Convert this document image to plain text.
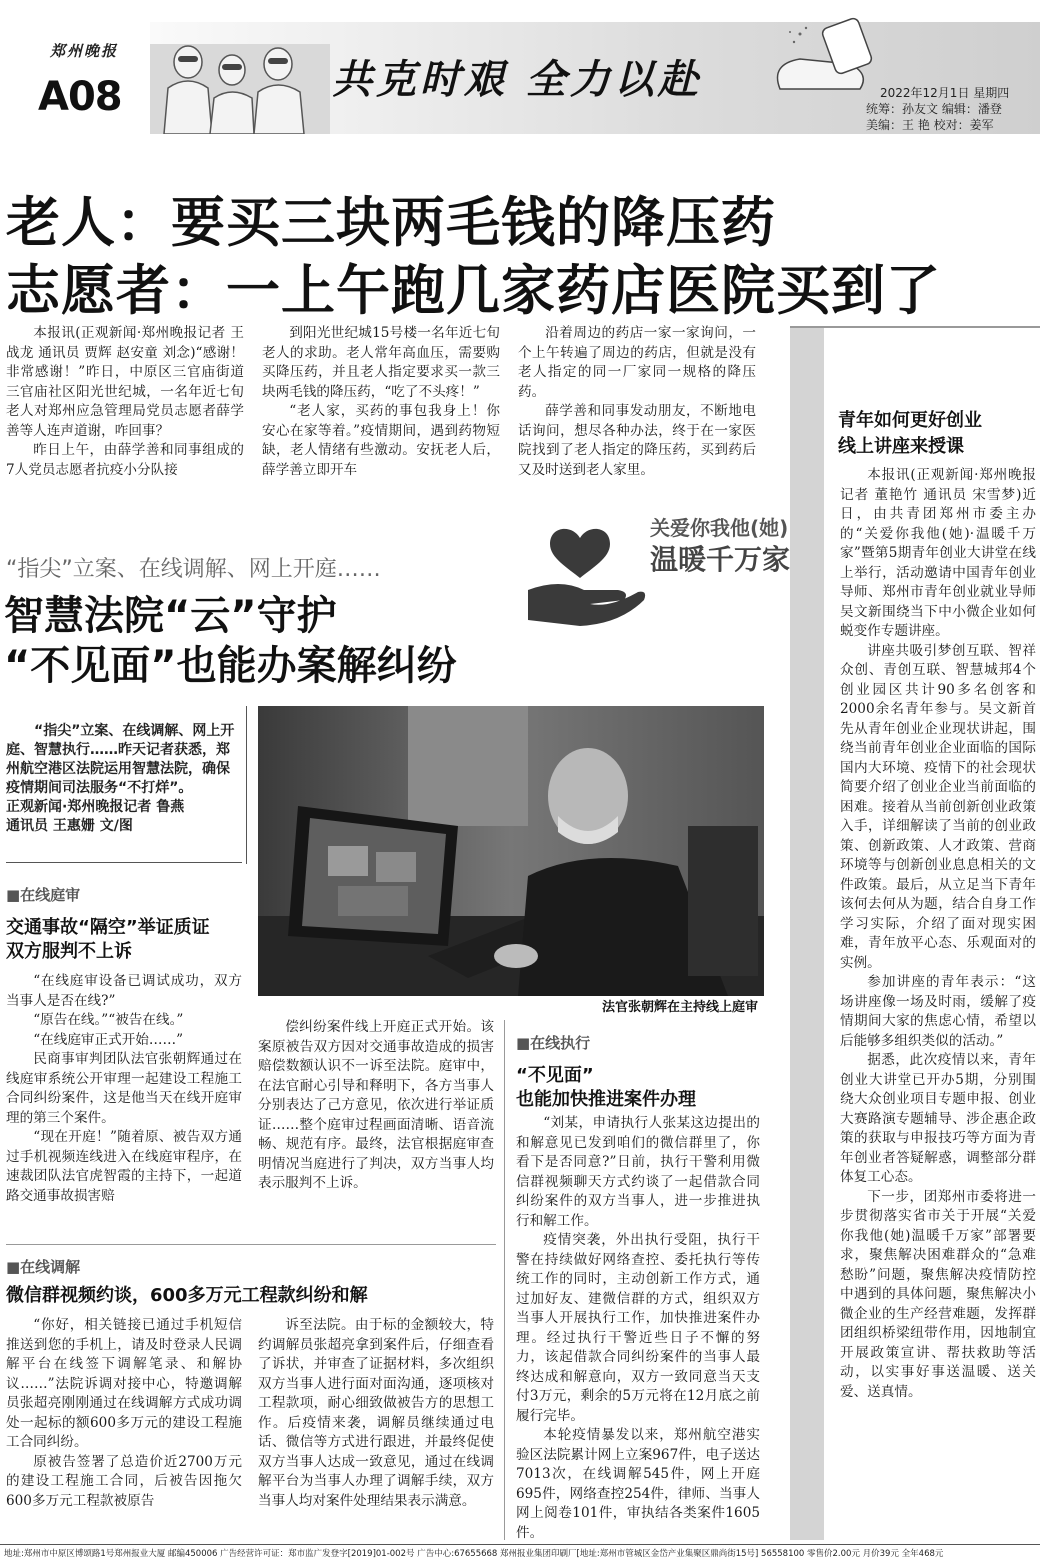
郑州晚报
A08	共克时艰 全力以赴	2022年12月1日 星期四
统筹：孙友文 编辑：潘登
美编：王 艳 校对：姜军
老人：要买三块两毛钱的降压药
志愿者：一上午跑几家药店医院买到了
本报讯(正观新闻·郑州晚报记者 王战龙 通讯员 贾辉 赵安童 刘念)“感谢！非常感谢！”昨日，中原区三官庙街道三官庙社区阳光世纪城，一名年近七旬老人对郑州应急管理局党员志愿者薛学善等人连声道谢，咋回事？
昨日上午，由薛学善和同事组成的7人党员志愿者抗疫小分队接
到阳光世纪城15号楼一名年近七旬老人的求助。老人常年高血压，需要购买降压药，并且老人指定要求买一款三块两毛钱的降压药，“吃了不头疼！”
“老人家，买药的事包我身上！你安心在家等着。”疫情期间，遇到药物短缺，老人情绪有些激动。安抚老人后，薛学善立即开车
沿着周边的药店一家一家询问，一个上午转遍了周边的药店，但就是没有老人指定的同一厂家同一规格的降压药。
薛学善和同事发动朋友，不断地电话询问，想尽各种办法，终于在一家医院找到了老人指定的降压药，买到药后又及时送到老人家里。
关爱你我他(她)
温暖千万家
“指尖”立案、在线调解、网上开庭……
智慧法院“云”守护
“不见面”也能办案解纠纷
“指尖”立案、在线调解、网上开庭、智慧执行……昨天记者获悉，郑州航空港区法院运用智慧法院，确保疫情期间司法服务“不打烊”。
正观新闻·郑州晚报记者 鲁燕
通讯员 王惠姗 文/图
法官张朝辉在主持线上庭审
■在线庭审
交通事故“隔空”举证质证
双方服判不上诉
“在线庭审设备已调试成功，双方当事人是否在线?”
“原告在线。”“被告在线。”
“在线庭审正式开始……”
民商事审判团队法官张朝辉通过在线庭审系统公开审理一起建设工程施工合同纠纷案件，这是他当天在线开庭审理的第三个案件。
“现在开庭！”随着原、被告双方通过手机视频连线进入在线庭审程序，在速裁团队法官虎智霞的主持下，一起道路交通事故损害赔
偿纠纷案件线上开庭正式开始。该案原被告双方因对交通事故造成的损害赔偿数额认识不一诉至法院。庭审中，在法官耐心引导和释明下，各方当事人分别表达了己方意见，依次进行举证质证……整个庭审过程画面清晰、语音流畅、规范有序。最终，法官根据庭审查明情况当庭进行了判决，双方当事人均表示服判不上诉。
■在线调解
微信群视频约谈，600多万元工程款纠纷和解
“你好，相关链接已通过手机短信推送到您的手机上，请及时登录人民调解平台在线签下调解笔录、和解协议……”法院诉调对接中心，特邀调解员张超亮刚刚通过在线调解方式成功调处一起标的额600多万元的建设工程施工合同纠纷。
原被告签署了总造价近2700万元的建设工程施工合同，后被告因拖欠600多万元工程款被原告
诉至法院。由于标的金额较大，特约调解员张超亮拿到案件后，仔细查看了诉状，并审查了证据材料，多次组织双方当事人进行面对面沟通，逐项核对工程款项，耐心细致做被告方的思想工作。后疫情来袭，调解员继续通过电话、微信等方式进行跟进，并最终促使双方当事人达成一致意见，通过在线调解平台为当事人办理了调解手续，双方当事人均对案件处理结果表示满意。
■在线执行
“不见面”
也能加快推进案件办理
“刘某，申请执行人张某这边提出的和解意见已发到咱们的微信群里了，你看下是否同意?”日前，执行干警利用微信群视频聊天方式约谈了一起借款合同纠纷案件的双方当事人，进一步推进执行和解工作。
疫情突袭，外出执行受阻，执行干警在持续做好网络查控、委托执行等传统工作的同时，主动创新工作方式，通过加好友、建微信群的方式，组织双方当事人开展执行工作，加快推进案件办理。经过执行干警近些日子不懈的努力，该起借款合同纠纷案件的当事人最终达成和解意向，双方一致同意当天支付3万元，剩余的5万元将在12月底之前履行完毕。
本轮疫情暴发以来，郑州航空港实验区法院累计网上立案967件，电子送达7013次，在线调解545件，网上开庭695件，网络查控254件，律师、当事人网上阅卷101件，审执结各类案件1605件。
青年如何更好创业
线上讲座来授课
本报讯(正观新闻·郑州晚报记者 董艳竹 通讯员 宋雪梦)近日，由共青团郑州市委主办的“关爱你我他(她)·温暖千万家”暨第5期青年创业大讲堂在线上举行，活动邀请中国青年创业导师、郑州市青年创业就业导师吴文新围绕当下中小微企业如何蜕变作专题讲座。
讲座共吸引梦创互联、智祥众创、青创互联、智慧城邦4个创业园区共计90多名创客和2000余名青年参与。吴文新首先从青年创业企业现状讲起，围绕当前青年创业企业面临的国际国内大环境、疫情下的社会现状简要介绍了创业企业当前面临的困难。接着从当前创新创业政策入手，详细解读了当前的创业政策、创新政策、人才政策、营商环境等与创新创业息息相关的文件政策。最后，从立足当下青年该何去何从为题，结合自身工作学习实际，介绍了面对现实困难，青年放平心态、乐观面对的实例。
参加讲座的青年表示：“这场讲座像一场及时雨，缓解了疫情期间大家的焦虑心情，希望以后能够多组织类似的活动。”
据悉，此次疫情以来，青年创业大讲堂已开办5期，分别围绕大众创业项目专题申报、创业大赛路演专题辅导、涉企惠企政策的获取与申报技巧等方面为青年创业者答疑解惑，调整部分群体复工心态。
下一步，团郑州市委将进一步贯彻落实省市关于开展“关爱你我他(她)温暖千万家”部署要求，聚焦解决困难群众的“急难愁盼”问题，聚焦解决疫情防控中遇到的具体问题，聚焦解决小微企业的生产经营难题，发挥群团组织桥梁纽带作用，因地制宜开展政策宣讲、帮扶救助等活动，以实事好事送温暖、送关爱、送真情。
地址:郑州市中原区博颂路1号郑州报业大厦 邮编450006 广告经营许可证：郑市监广发登字[2019]01-002号 广告中心:67655668 郑州报业集团印刷厂[地址:郑州市管城区金岱产业集聚区鼎尚街15号] 56558100 零售价2.00元 月价39元 全年468元
